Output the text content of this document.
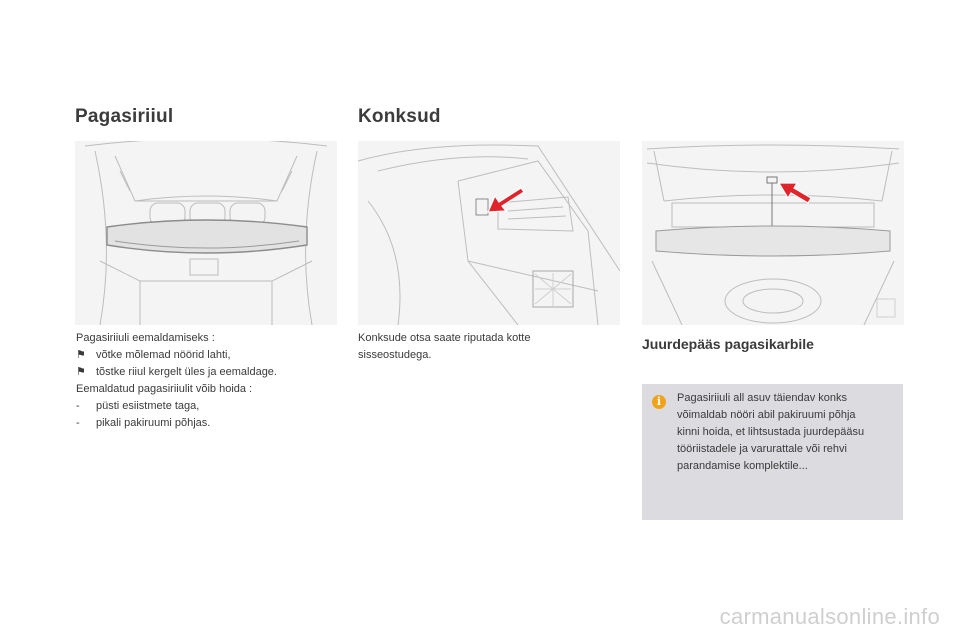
Pagasiriiul	Konksud
Pagasiriiuli eemaldamiseks :
⚑ võtke mõlemad nöörid lahti,
⚑ tõstke riiul kergelt üles ja eemaldage.
Eemaldatud pagasiriiulit võib hoida :
- püsti esiistmete taga,
- pikali pakiruumi põhjas.
Konksude otsa saate riputada kotte
sisseostudega.
Juurdepääs pagasikarbile
i	Pagasiriiuli all asuv täiendav konks
võimaldab nööri abil pakiruumi põhja
kinni hoida, et lihtsustada juurdepääsu
tööriistadele ja varurattale või rehvi
parandamise komplektile...
carmanualsonline.info
